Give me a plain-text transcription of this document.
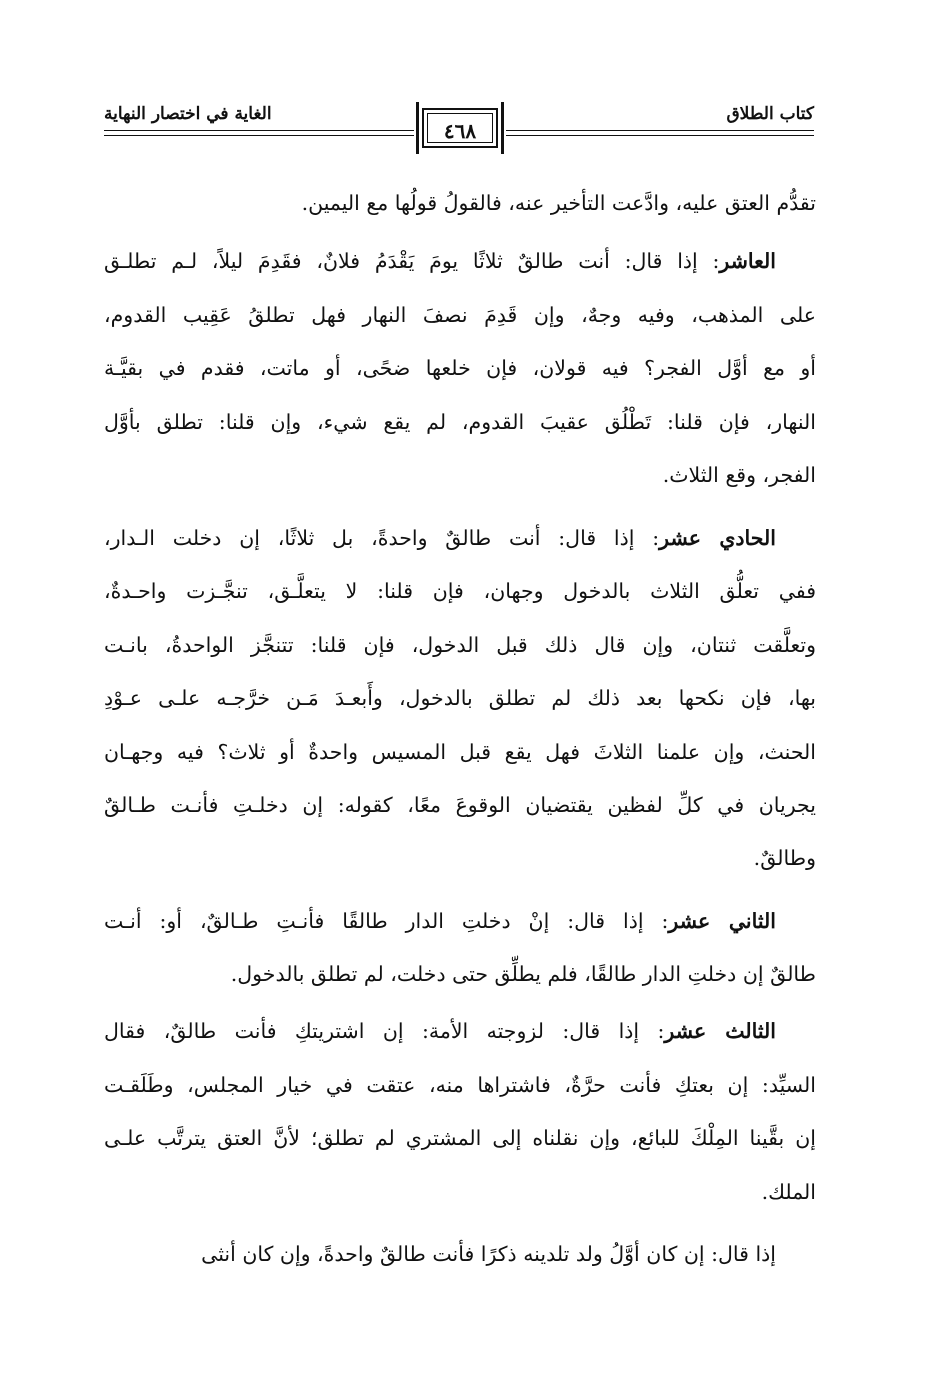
كتاب الطلاق
الغاية في اختصار النهاية
٤٦٨
تقدُّم العتق عليه، وادَّعت التأخير عنه، فالقولُ قولُها مع اليمين.
العاشر: إذا قال: أنت طالقٌ ثلاثًا يومَ يَقْدَمُ فلانٌ، فقَدِمَ ليلاً، لـم تطلـق
على المذهب، وفيه وجهٌ، وإن قَدِمَ نصفَ النهار فهل تطلقُ عَقِيب القدوم،
أو مع أوَّل الفجر؟ فيه قولان، فإن خلعها ضحًى، أو ماتت، فقدم في بقيَّـة
النهار، فإن قلنا: تَطْلُق عقيبَ القدوم، لم يقع شيء، وإن قلنا: تطلق بأوَّل
الفجر، وقع الثلاث.
الحادي عشر: إذا قال: أنت طالقٌ واحدةً، بل ثلاثًا، إن دخلت الـدار،
ففي تعلُّق الثلاث بالدخول وجهان، فإن قلنا: لا يتعلَّـق، تنجَّـزت واحـدةٌ،
وتعلَّقت ثنتان، وإن قال ذلك قبل الدخول، فإن قلنا: تتنجَّز الواحدةُ، بانـت
بها، فإن نكحها بعد ذلك لم تطلق بالدخول، وأَبعـدَ مَـن خرَّجـه علـى عـوْدِ
الحنث، وإن علمنا الثلاثَ فهل يقع قبل المسيس واحدةٌ أو ثلاث؟ فيه وجهـان
يجريان في كلِّ لفظين يقتضيان الوقوعَ معًا، كقوله: إن دخلـتِ فأنـت طـالقٌ
وطالقٌ.
الثاني عشر: إذا قال: إنْ دخلتِ الدار طالقًا فأنـتِ طـالقٌ، أو: أنـت
طالقٌ إن دخلتِ الدار طالقًا، فلم يطلِّق حتى دخلت، لم تطلق بالدخول.
الثالث عشر: إذا قال: لزوجته الأمة: إن اشتريتكِ فأنت طالقٌ، فقال
السيِّد: إن بعتكِ فأنت حرَّةٌ، فاشتراها منه، عتقت في خيار المجلس، وطَلَقـت
إن بقَّينا المِلْكَ للبائع، وإن نقلناه إلى المشتري لم تطلق؛ لأنَّ العتق يترتَّب علـى
الملك.
إذا قال: إن كان أوَّلُ ولد تلدينه ذكرًا فأنت طالقٌ واحدةً، وإن كان أنثى
